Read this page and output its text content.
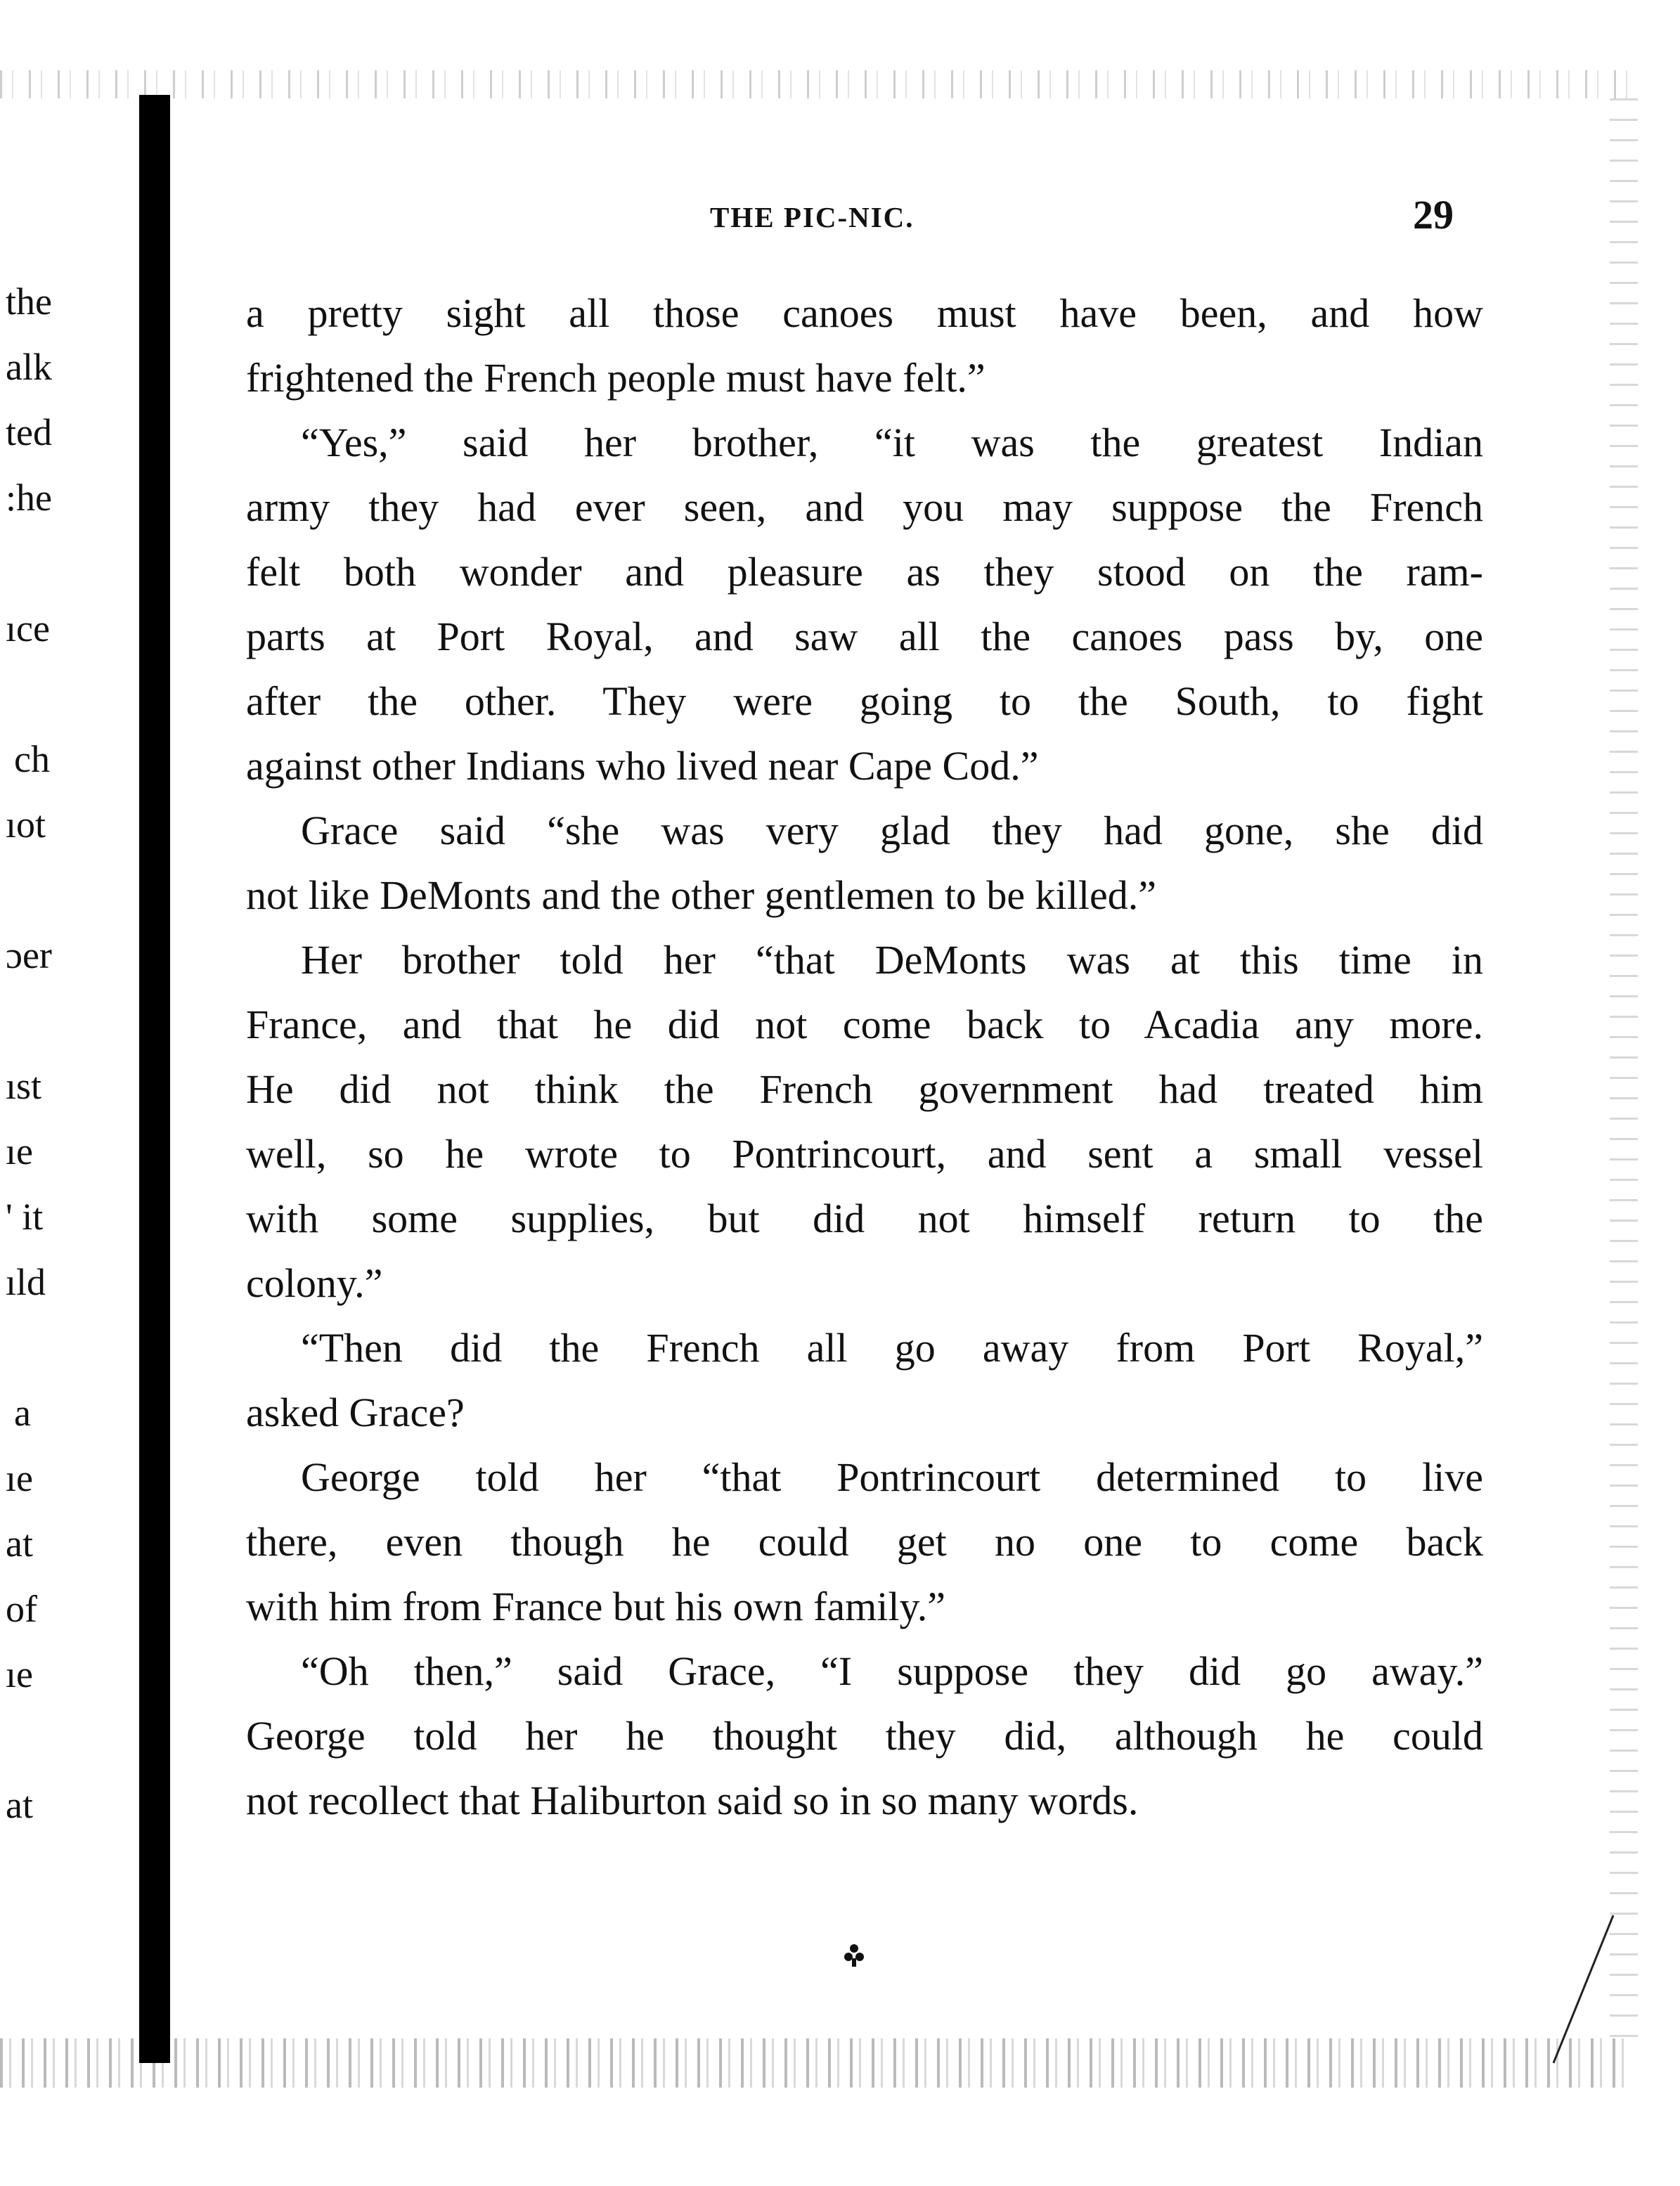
the
alk
ted
:he
ıce
ch
ıot
ɔer
ıst
ıe
' it
ıld
a
ıe
at
of
ıe
at
THE PIC-NIC.	29
a pretty sight all those canoes must have been, and how
frightened the French people must have felt.”
“Yes,” said her brother, “it was the greatest Indian
army they had ever seen, and you may suppose the French
felt both wonder and pleasure as they stood on the ram-
parts at Port Royal, and saw all the canoes pass by, one
after the other. They were going to the South, to fight
against other Indians who lived near Cape Cod.”
Grace said “she was very glad they had gone, she did
not like DeMonts and the other gentlemen to be killed.”
Her brother told her “that DeMonts was at this time in
France, and that he did not come back to Acadia any more.
He did not think the French government had treated him
well, so he wrote to Pontrincourt, and sent a small vessel
with some supplies, but did not himself return to the
colony.”
“Then did the French all go away from Port Royal,”
asked Grace?
George told her “that Pontrincourt determined to live
there, even though he could get no one to come back
with him from France but his own family.”
“Oh then,” said Grace, “I suppose they did go away.”
George told her he thought they did, although he could
not recollect that Haliburton said so in so many words.
